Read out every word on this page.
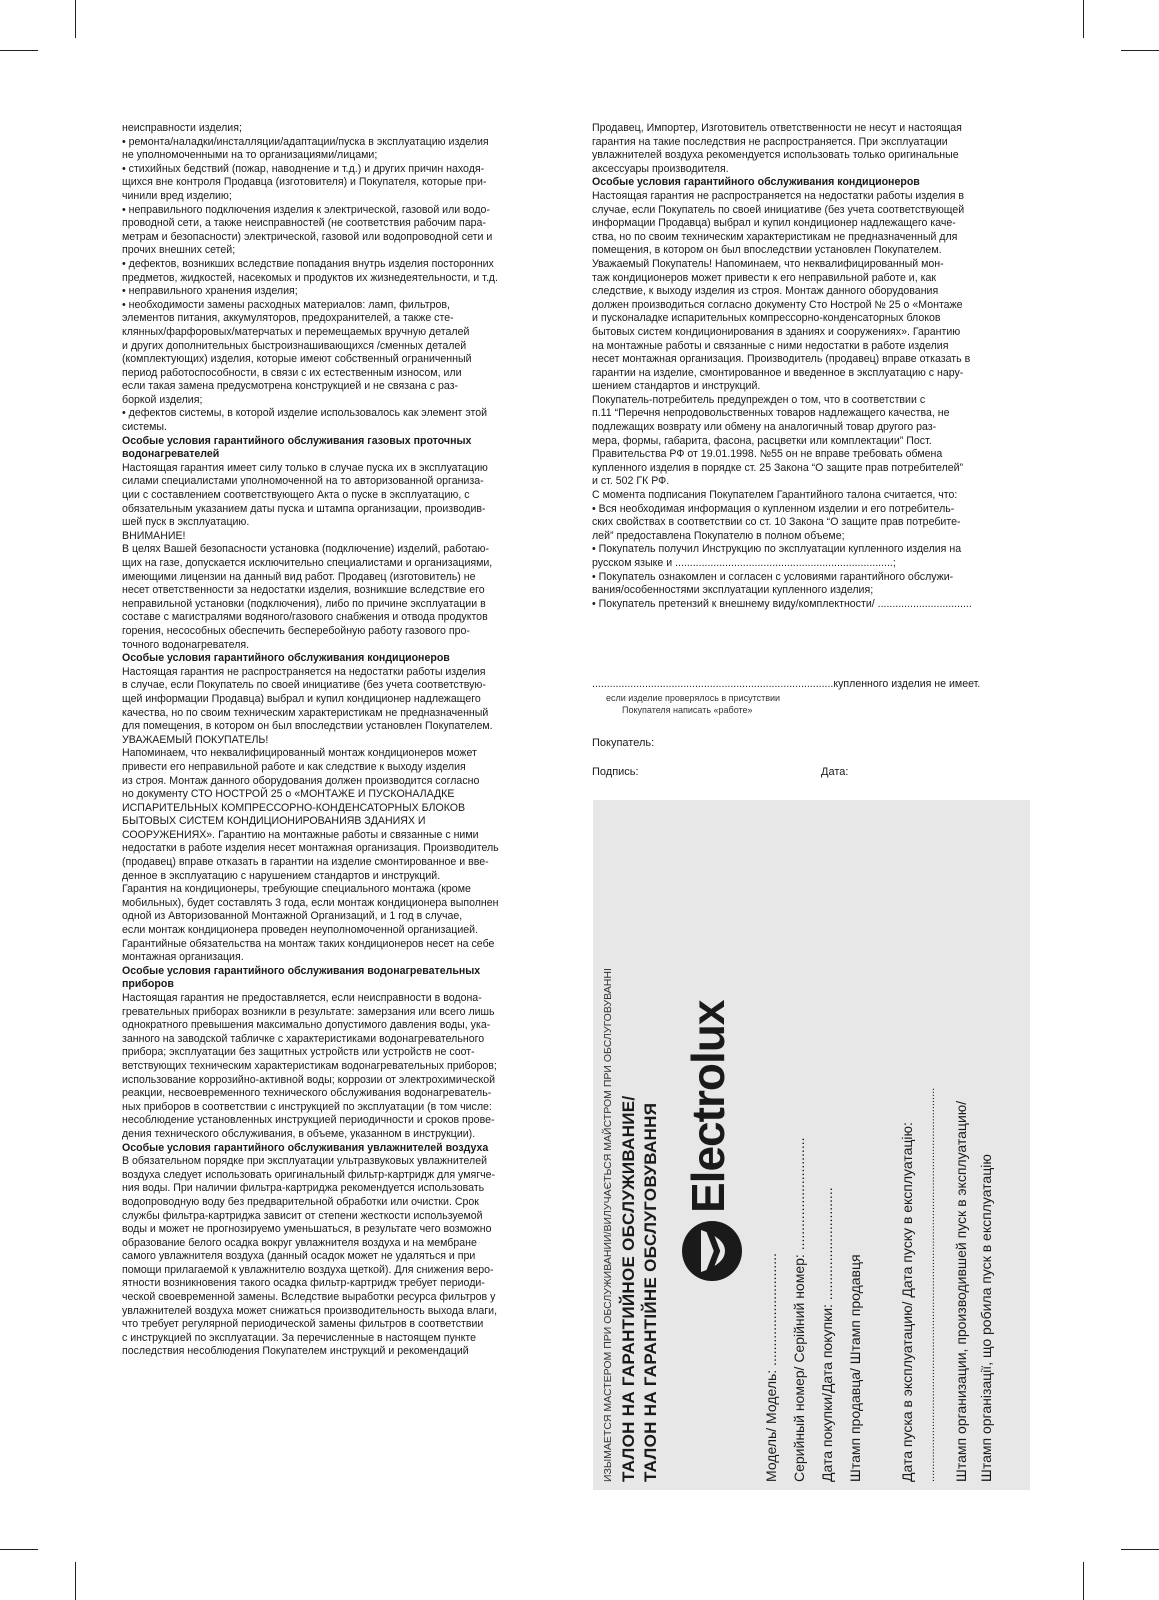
неисправности изделия;

• ремонта/наладки/инсталляции/адаптации/пуска в эксплуатацию изделия

не уполномоченными на то организациями/лицами;

• стихийных бедствий (пожар, наводнение и т.д.) и других причин находя-

щихся вне контроля Продавца (изготовителя) и Покупателя, которые при-

чинили вред изделию;

• неправильного подключения изделия к электрической, газовой или водо-

проводной сети, а также неисправностей (не соответствия рабочим пара-

метрам и безопасности) электрической, газовой или водопроводной сети и

прочих внешних сетей;

• дефектов, возникших вследствие попадания внутрь изделия посторонних

предметов, жидкостей, насекомых и продуктов их жизнедеятельности, и т.д.

• неправильного хранения изделия;

• необходимости замены расходных материалов: ламп, фильтров,

элементов питания, аккумуляторов, предохранителей, а также сте-

клянных/фарфоровых/матерчатых и перемещаемых вручную деталей

и других дополнительных быстроизнашивающихся /сменных деталей

(комплектующих) изделия, которые имеют собственный ограниченный

период работоспособности, в связи с их естественным износом, или

если такая замена предусмотрена конструкцией и не связана с раз-

боркой изделия;

• дефектов системы, в которой изделие использовалось как элемент этой

системы.

Особые условия гарантийного обслуживания газовых проточных

водонагревателей

Настоящая гарантия имеет силу только в случае пуска их в эксплуатацию

силами специалистами уполномоченной на то авторизованной организа-

ции с составлением соответствующего Акта о пуске в эксплуатацию, с

обязательным указанием даты пуска и штампа организации, производив-

шей пуск в эксплуатацию.

ВНИМАНИЕ!

В целях Вашей безопасности установка (подключение) изделий, работаю-

щих на газе, допускается исключительно специалистами и организациями,

имеющими лицензии на данный вид работ. Продавец (изготовитель) не

несет ответственности за недостатки изделия, возникшие вследствие его

неправильной установки (подключения), либо по причине эксплуатации в

составе с магистралями водяного/газового снабжения и отвода продуктов

горения, несособных обеспечить бесперебойную работу газового про-

точного водонагревателя.

Особые условия гарантийного обслуживания кондиционеров

Настоящая гарантия не распространяется на недостатки работы изделия

в случае, если Покупатель по своей инициативе (без учета соответствую-

щей информации Продавца) выбрал и купил кондиционер надлежащего

качества, но по своим техническим характеристикам не предназначенный

для помещения, в котором он был впоследствии установлен Покупателем.

УВАЖАЕМЫЙ ПОКУПАТЕЛЬ!

Напоминаем, что неквалифицированный монтаж кондиционеров может

привести его неправильной работе и как следствие к выходу изделия

из строя. Монтаж данного оборудования должен производится согласно

но документу СТО НОСТРОЙ 25 о «МОНТАЖЕ И ПУСКОНАЛАДКЕ

ИСПАРИТЕЛЬНЫХ КОМПРЕССОРНО-КОНДЕНСАТОРНЫХ БЛОКОВ

БЫТОВЫХ СИСТЕМ КОНДИЦИОНИРОВАНИЯВ ЗДАНИЯХ И

СООРУЖЕНИЯХ». Гарантию на монтажные работы и связанные с ними

недостатки в работе изделия несет монтажная организация. Производитель

(продавец) вправе отказать в гарантии на изделие смонтированное и вве-

денное в эксплуатацию с нарушением стандартов и инструкций.

Гарантия на кондиционеры, требующие специального монтажа (кроме

мобильных), будет составлять 3 года, если монтаж кондиционера выполнен

одной из Авторизованной Монтажной Организаций, и 1 год в случае,

если монтаж кондиционера проведен неуполномоченной организацией.

Гарантийные обязательства на монтаж таких кондиционеров несет на себе

монтажная организация.

Особые условия гарантийного обслуживания водонагревательных

приборов

Настоящая гарантия не предоставляется, если неисправности в водона-

гревательных приборах возникли в результате: замерзания или всего лишь

однократного превышения максимально допустимого давления воды, ука-

занного на заводской табличке с характеристиками водонагревательного

прибора; эксплуатации без защитных устройств или устройств не соот-

ветствующих техническим характеристикам водонагревательных приборов;

использование коррозийно-активной воды; коррозии от электрохимической

реакции, несвоевременного технического обслуживания водонагреватель-

ных приборов в соответствии с инструкцией по эксплуатации (в том числе:

несоблюдение установленных инструкцией периодичности и сроков прове-

дения технического обслуживания, в объеме, указанном в инструкции).

Особые условия гарантийного обслуживания увлажнителей воздуха

В обязательном порядке при эксплуатации ультразвуковых увлажнителей

воздуха следует использовать оригинальный фильтр-картридж для умягче-

ния воды. При наличии фильтра-картриджа рекомендуется использовать

водопроводную воду без предварительной обработки или очистки. Срок

службы фильтра-картриджа зависит от степени жесткости используемой

воды и может не прогнозируемо уменьшаться, в результате чего возможно

образование белого осадка вокруг увлажнителя воздуха и на мембране

самого увлажнителя воздуха (данный осадок может не удаляться и при

помощи прилагаемой к увлажнителю воздуха щеткой). Для снижения веро-

ятности возникновения такого осадка фильтр-картридж требует периоди-

ческой своевременной замены. Вследствие выработки ресурса фильтров у

увлажнителей воздуха может снижаться производительность выхода влаги,

что требует регулярной периодической замены фильтров в соответствии

с инструкцией по эксплуатации. За перечисленные в настоящем пункте

последствия несоблюдения Покупателем инструкций и рекомендаций

Продавец, Импортер, Изготовитель ответственности не несут и настоящая

гарантия на такие последствия не распространяется. При эксплуатации

увлажнителей воздуха рекомендуется использовать только оригинальные

аксессуары производителя.

Особые условия гарантийного обслуживания кондиционеров

Настоящая гарантия не распространяется на недостатки работы изделия в

случае, если Покупатель по своей инициативе (без учета соответствующей

информации Продавца) выбрал и купил кондиционер надлежащего каче-

ства, но по своим техническим характеристикам не предназначенный для

помещения, в котором он был впоследствии установлен Покупателем.

Уважаемый Покупатель! Напоминаем, что неквалифицированный мон-

таж кондиционеров может привести к его неправильной работе и, как

следствие, к выходу изделия из строя. Монтаж данного оборудования

должен производиться согласно документу Сто Нострой № 25 о «Монтаже

и пусконаладке испарительных компрессорно-конденсаторных блоков

бытовых систем кондиционирования в зданиях и сооружениях». Гарантию

на монтажные работы и связанные с ними недостатки в работе изделия

несет монтажная организация. Производитель (продавец) вправе отказать в

гарантии на изделие, смонтированное и введенное в эксплуатацию с нару-

шением стандартов и инструкций.

Покупатель-потребитель предупрежден о том, что в соответствии с

п.11 “Перечня непродовольственных товаров надлежащего качества, не

подлежащих возврату или обмену на аналогичный товар другого раз-

мера, формы, габарита, фасона, расцветки или комплектации” Пост.

Правительства РФ от 19.01.1998. №55 он не вправе требовать обмена

купленного изделия в порядке ст. 25 Закона “О защите прав потребителей”

и ст. 502 ГК РФ.

С момента подписания Покупателем Гарантийного талона считается, что:

• Вся необходимая информация о купленном изделии и его потребитель-

ских свойствах в соответствии со ст. 10 Закона “О защите прав потребите-

лей” предоставлена Покупателю в полном объеме;

• Покупатель получил Инструкцию по эксплуатации купленного изделия на

русском языке и ..........................................................................;

• Покупатель ознакомлен и согласен с условиями гарантийного обслужи-

вания/особенностями эксплуатации купленного изделия;

• Покупатель претензий к внешнему виду/комплектности/ ................................

..................................................................................купленного изделия не имеет.
если изделие проверялось в присутствии
Покупателя написать «работе»
Покупатель:
Подпись:	Дата:
ИЗЫМАЕТСЯ МАСТЕРОМ ПРИ ОБСЛУЖИВАНИИ/ВИЛУЧАЄТЬСЯ МАЙСТРОМ ПРИ ОБСЛУГОВУВАННІ ТАЛОН НА ГАРАНТИЙНОЕ ОБСЛУЖИВАНИЕ/ ТАЛОН НА ГАРАНТІЙНЕ ОБСЛУГОВУВАННЯ Electrolux
Модель/ Модель: ............................. Серийный номер/ Серійний номер: ............................. Дата покупки/Дата покупки: ............................. Штамп продавца/ Штамп продавця	Дата пуска в эксплуатацию/ Дата пуску в експлуатацію: ................................................................................................................................. Штамп организации, производившей пуск в эксплуатацию/ Штамп організації, що робила пуск в експлуатацію
